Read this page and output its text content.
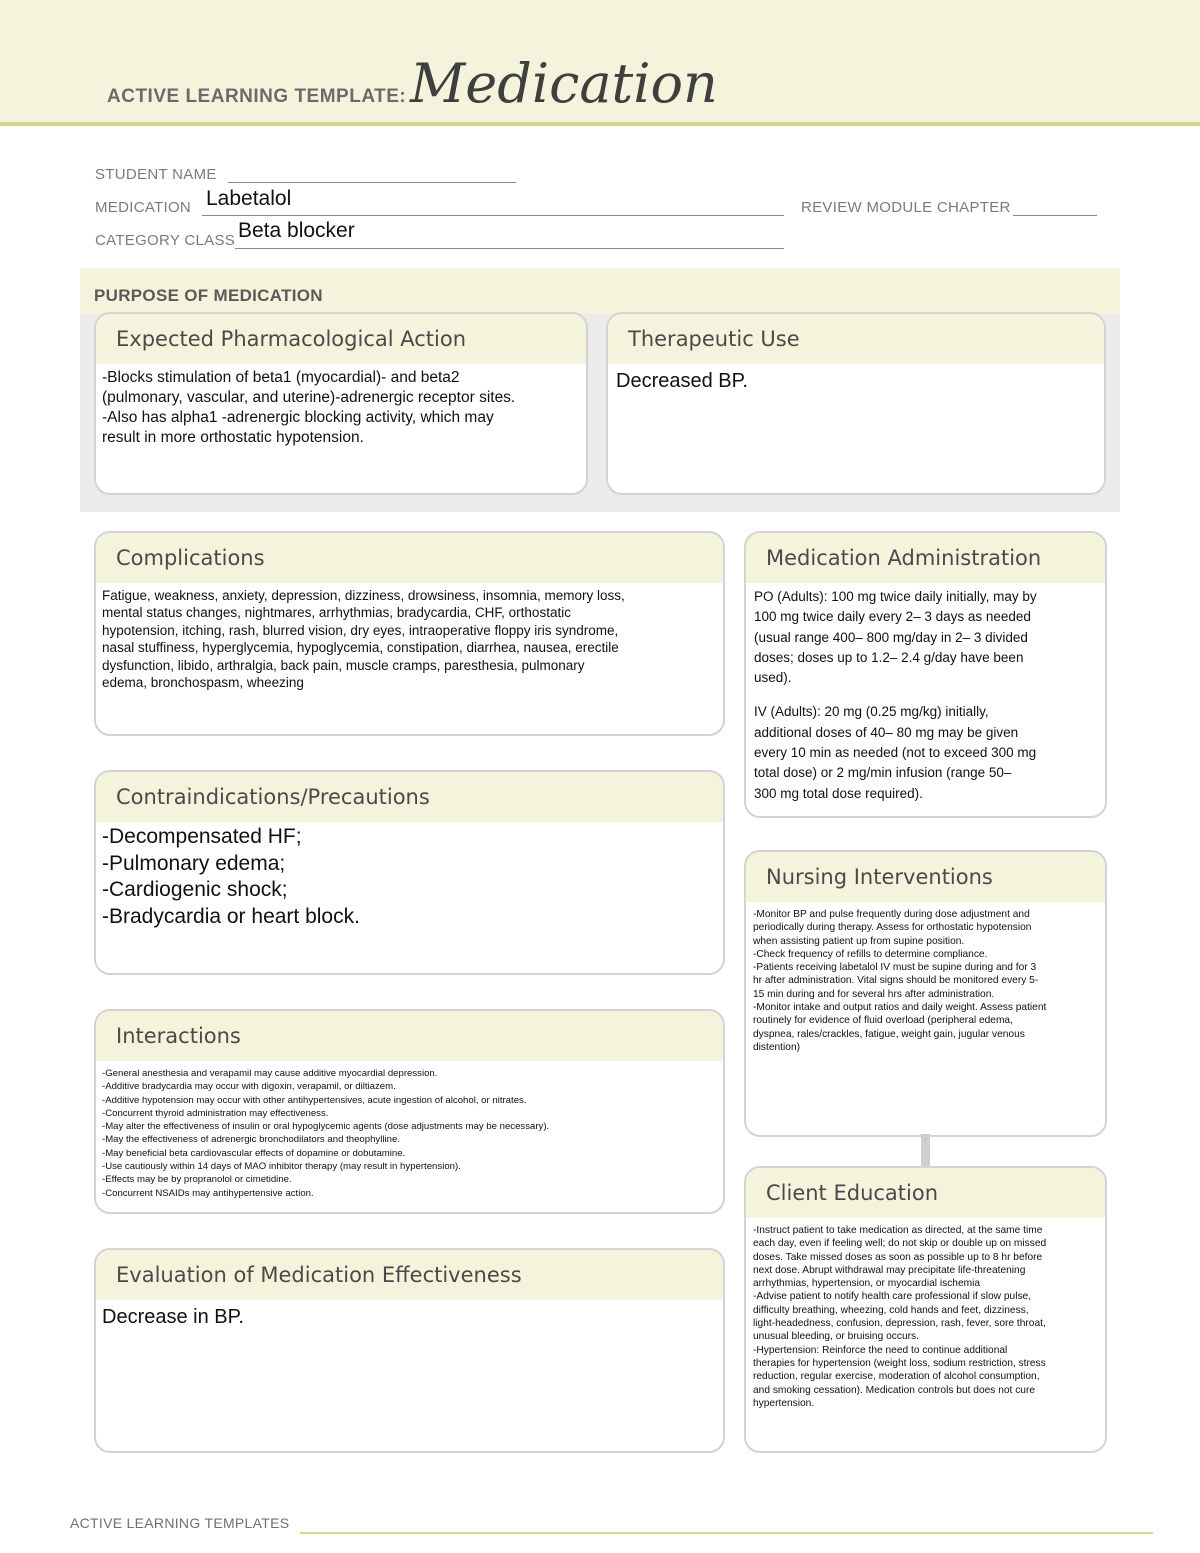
ACTIVE LEARNING TEMPLATE: Medication
STUDENT NAME
MEDICATION Labetalol	REVIEW MODULE CHAPTER
CATEGORY CLASS Beta blocker
PURPOSE OF MEDICATION
Expected Pharmacological Action
-Blocks stimulation of beta1 (myocardial)- and beta2
(pulmonary, vascular, and uterine)-adrenergic receptor sites.
-Also has alpha1 -adrenergic blocking activity, which may
result in more orthostatic hypotension.
Therapeutic Use
Decreased BP.
Complications
Fatigue, weakness, anxiety, depression, dizziness, drowsiness, insomnia, memory loss,
mental status changes, nightmares, arrhythmias, bradycardia, CHF, orthostatic
hypotension, itching, rash, blurred vision, dry eyes, intraoperative floppy iris syndrome,
nasal stuffiness, hyperglycemia, hypoglycemia, constipation, diarrhea, nausea, erectile
dysfunction, libido, arthralgia, back pain, muscle cramps, paresthesia, pulmonary
edema, bronchospasm, wheezing
Medication Administration
PO (Adults): 100 mg twice daily initially, may by
100 mg twice daily every 2– 3 days as needed
(usual range 400– 800 mg/day in 2– 3 divided
doses; doses up to 1.2– 2.4 g/day have been
used).
IV (Adults): 20 mg (0.25 mg/kg) initially,
additional doses of 40– 80 mg may be given
every 10 min as needed (not to exceed 300 mg
total dose) or 2 mg/min infusion (range 50–
300 mg total dose required).
Contraindications/Precautions
-Decompensated HF;
-Pulmonary edema;
-Cardiogenic shock;
-Bradycardia or heart block.
Nursing Interventions
-Monitor BP and pulse frequently during dose adjustment and
periodically during therapy. Assess for orthostatic hypotension
when assisting patient up from supine position.
-Check frequency of refills to determine compliance.
-Patients receiving labetalol IV must be supine during and for 3
hr after administration. Vital signs should be monitored every 5-
15 min during and for several hrs after administration.
-Monitor intake and output ratios and daily weight. Assess patient
routinely for evidence of fluid overload (peripheral edema,
dyspnea, rales/crackles, fatigue, weight gain, jugular venous
distention)
Interactions
-General anesthesia and verapamil may cause additive myocardial depression.
-Additive bradycardia may occur with digoxin, verapamil, or diltiazem.
-Additive hypotension may occur with other antihypertensives, acute ingestion of alcohol, or nitrates.
-Concurrent thyroid administration may effectiveness.
-May alter the effectiveness of insulin or oral hypoglycemic agents (dose adjustments may be necessary).
-May the effectiveness of adrenergic bronchodilators and theophylline.
-May beneficial beta cardiovascular effects of dopamine or dobutamine.
-Use cautiously within 14 days of MAO inhibitor therapy (may result in hypertension).
-Effects may be by propranolol or cimetidine.
-Concurrent NSAIDs may antihypertensive action.	Client Education
-Instruct patient to take medication as directed, at the same time
each day, even if feeling well; do not skip or double up on missed
doses. Take missed doses as soon as possible up to 8 hr before
next dose. Abrupt withdrawal may precipitate life-threatening
arrhythmias, hypertension, or myocardial ischemia
-Advise patient to notify health care professional if slow pulse,
difficulty breathing, wheezing, cold hands and feet, dizziness,
light-headedness, confusion, depression, rash, fever, sore throat,
unusual bleeding, or bruising occurs.
-Hypertension: Reinforce the need to continue additional
therapies for hypertension (weight loss, sodium restriction, stress
reduction, regular exercise, moderation of alcohol consumption,
and smoking cessation). Medication controls but does not cure
hypertension.
Evaluation of Medication Effectiveness
Decrease in BP.
ACTIVE LEARNING TEMPLATES
